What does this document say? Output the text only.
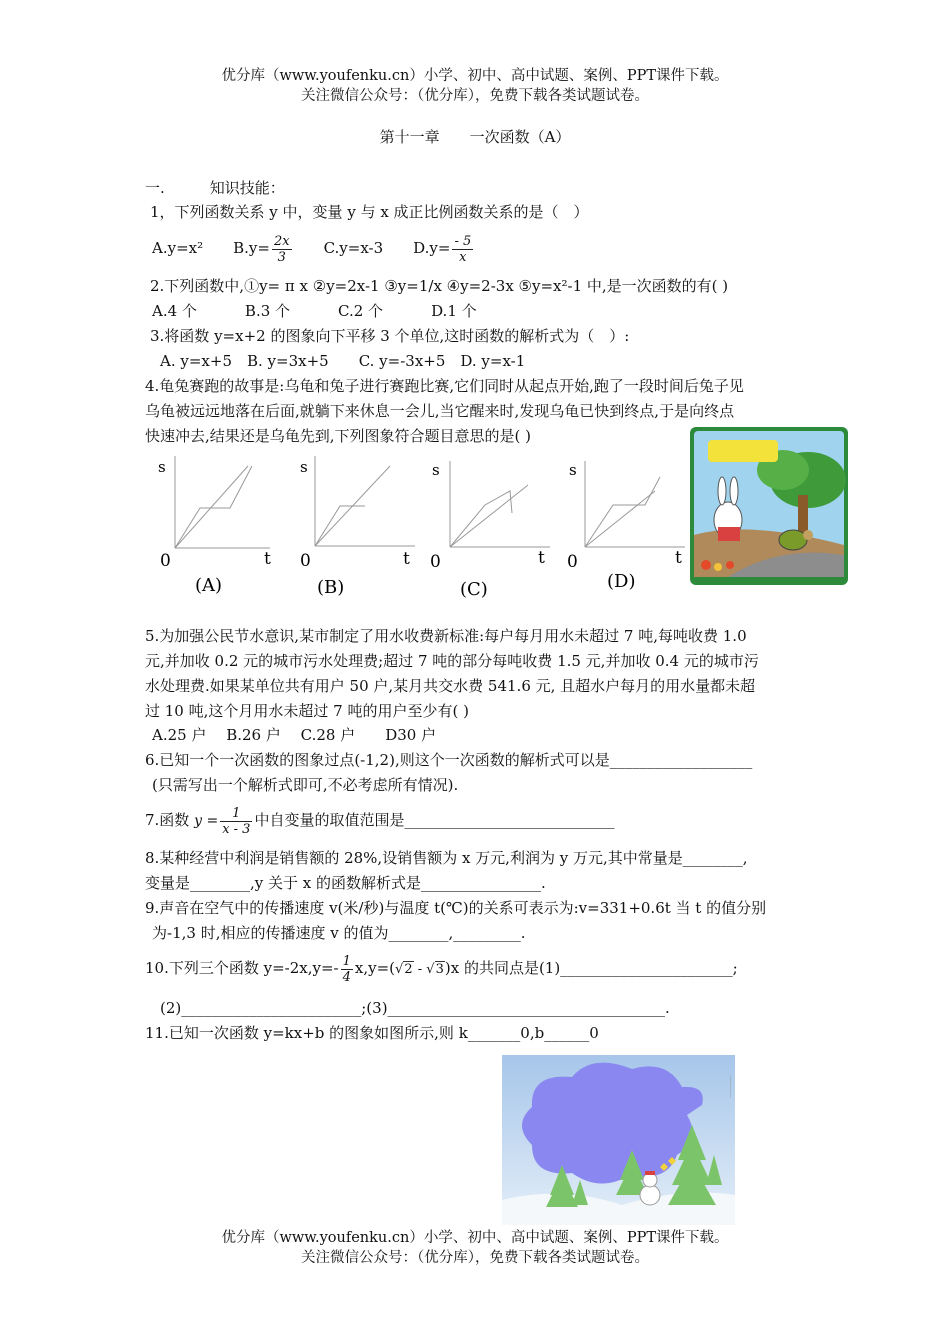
优分库（www.youfenku.cn）小学、初中、高中试题、案例、PPT课件下载。
关注微信公众号：（优分库），免费下载各类试题试卷。
第十一章　　一次函数（A）
一.　　　知识技能：
1，下列函数关系 y 中，变量 y 与 x 成正比例函数关系的是（　）
A.y=x² $B.y= \frac{2x}{3} C.y=x-3$ $D.y= \frac{- 5}{x}$
2.下列函数中,①y= π x ②y=2x-1 ③y=1/x ④y=2-3x ⑤y=x²-1 中,是一次函数的有( )
A.4 个	B.3 个	C.2 个	D.1 个
3.将函数 y=x+2 的图象向下平移 3 个单位,这时函数的解析式为（　）:
A. y=x+5　B. y=3x+5　　C. y=-3x+5　D. y=x-1
4.龟兔赛跑的故事是:乌龟和兔子进行赛跑比赛,它们同时从起点开始,跑了一段时间后兔子见
乌龟被远远地落在后面,就躺下来休息一会儿,当它醒来时,发现乌龟已快到终点,于是向终点
快速冲去,结果还是乌龟先到,下列图象符合题目意思的是( )
s
t
0
(A)
s
t
0
(B)
s
t
0
(C)
s
t
0
(D)
5.为加强公民节水意识,某市制定了用水收费新标准:每户每月用水未超过 7 吨,每吨收费 1.0
元,并加收 0.2 元的城市污水处理费;超过 7 吨的部分每吨收费 1.5 元,并加收 0.4 元的城市污
水处理费.如果某单位共有用户 50 户,某月共交水费 541.6 元, 且超水户每月的用水量都未超
过 10 吨,这个月用水未超过 7 吨的用户至少有( )
A.25 户　 B.26 户　 C.28 户　　D30 户
6.已知一个一次函数的图象过点(-1,2),则这个一次函数的解析式可以是___________________
(只需写出一个解析式即可,不必考虑所有情况).
7.函数 $y = \frac{1}{x - 3}$ 中自变量的取值范围是____________________________
8.某种经营中利润是销售额的 28%,设销售额为 x 万元,利润为 y 万元,其中常量是________,
变量是________,y 关于 x 的函数解析式是________________.
9.声音在空气中的传播速度 v(米/秒)与温度 t(℃)的关系可表示为:v=331+0.6t 当 t 的值分别
为-1,3 时,相应的传播速度 v 的值为________,_________.
10.下列三个函数 $y=-2x,y=- \frac{1}{4} x,y=(√2 - √3)x$ 的共同点是(1)_______________________;
(2)________________________;(3)_____________________________________.
11.已知一次函数 y=kx+b 的图象如图所示,则 k_______0,b______0
............
优分库（www.youfenku.cn）小学、初中、高中试题、案例、PPT课件下载。
关注微信公众号：（优分库），免费下载各类试题试卷。
